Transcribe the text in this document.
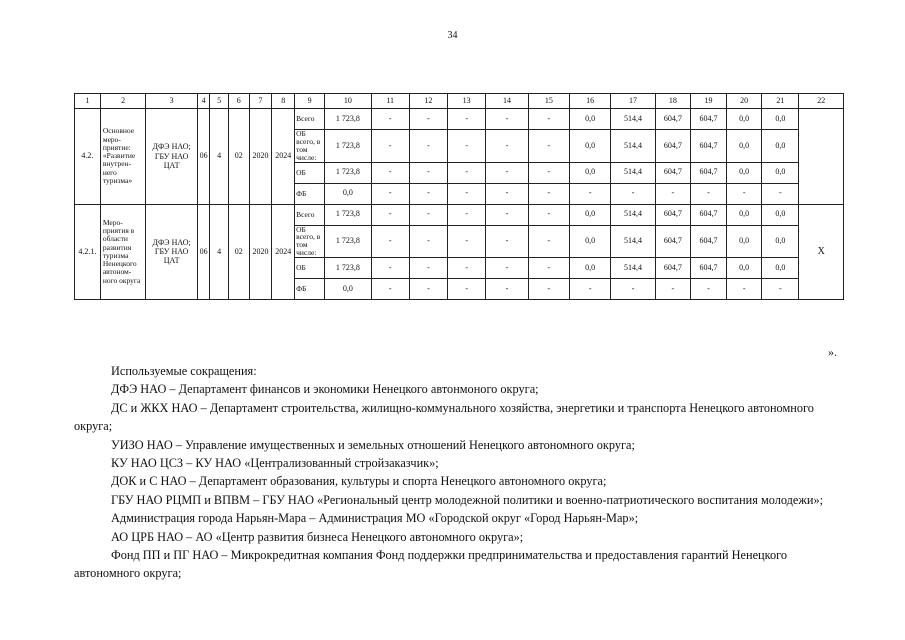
34
1	2	3	4	5	6	7	8	9	10	11	12	13	14	15	16	17	18	19	20	21	22
4.2.	Основное меро-приятие: «Развитие внутрен-него туризма»	ДФЭ НАО; ГБУ НАО ЦАТ	06	4	02	2020	2024	Всего	1 723,8	-	-	-	-	-	0,0	514,4	604,7	604,7	0,0	0,0	
								ОБ всего, в том числе:	1 723,8	-	-	-	-	-	0,0	514,4	604,7	604,7	0,0	0,0	
								ОБ	1 723,8	-	-	-	-	-	0,0	514,4	604,7	604,7	0,0	0,0	
								ФБ	0,0	-	-	-	-	-	-	-	-	-	-	-	
4.2.1.	Меро-приятия в области развития туризма Ненецкого автоном-ного округа	ДФЭ НАО; ГБУ НАО ЦАТ	06	4	02	2020	2024	Всего	1 723,8	-	-	-	-	-	0,0	514,4	604,7	604,7	0,0	0,0	Х
								ОБ всего, в том числе:	1 723,8	-	-	-	-	-	0,0	514,4	604,7	604,7	0,0	0,0	
								ОБ	1 723,8	-	-	-	-	-	0,0	514,4	604,7	604,7	0,0	0,0	
								ФБ	0,0	-	-	-	-	-	-	-	-	-	-	-	
».

Используемые сокращения:

ДФЭ НАО – Департамент финансов и экономики Ненецкого автонмоного округа;

ДС и ЖКХ НАО – Департамент строительства, жилищно-коммунального хозяйства, энергетики и транспорта Ненецкого автономного округа;

УИЗО НАО – Управление имущественных и земельных отношений Ненецкого автономного округа;

КУ НАО ЦСЗ – КУ НАО «Централизованный стройзаказчик»;

ДОК и С НАО – Департамент образования, культуры и спорта Ненецкого автономного округа;

ГБУ НАО РЦМП и ВПВМ – ГБУ НАО «Региональный центр молодежной политики и военно-патриотического воспитания молодежи»;

Администрация города Нарьян-Мара – Администрация МО «Городской округ «Город Нарьян-Мар»;

АО ЦРБ НАО – АО «Центр развития бизнеса Ненецкого автономного округа»;

Фонд ПП и ПГ НАО – Микрокредитная компания Фонд поддержки предпринимательства и предоставления гарантий Ненецкого автономного округа;
